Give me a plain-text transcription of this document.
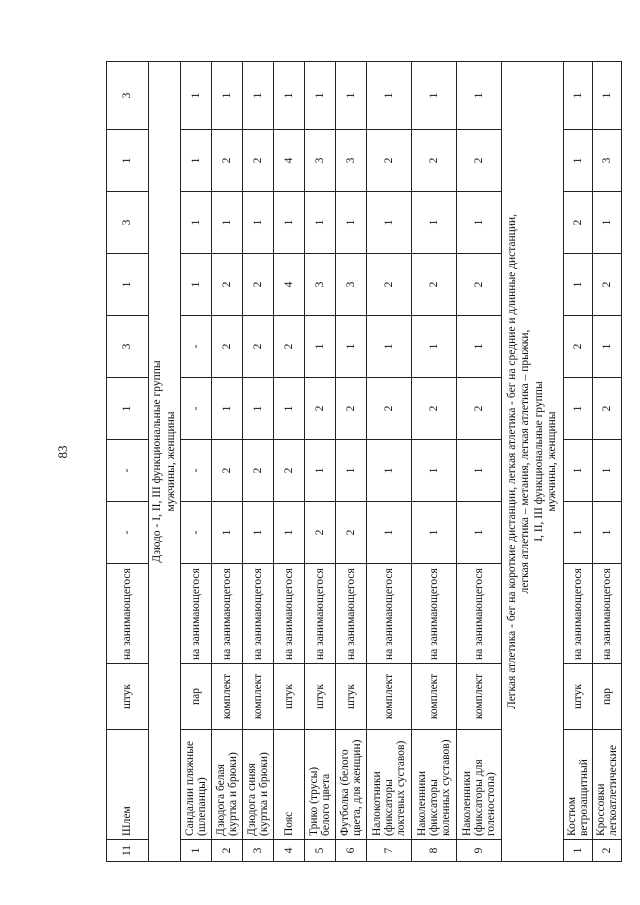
83
11	Шлем	штук	на занимающегося	-	-	1	3	1	3	1	3

Дзюдо - I, II, III функциональные группы мужчины, женщины											

1	Сандалии пляжные (шлепанцы)	пар	на занимающегося	-	-	-	-	1	1	1	1
2	Дзюдога белая (куртка и брюки)	комплект	на занимающегося	1	2	1	2	2	1	2	1
3	Дзюдога синяя (куртка и брюки)	комплект	на занимающегося	1	2	1	2	2	1	2	1
4	Пояс	штук	на занимающегося	1	2	1	2	4	1	4	1
5	Трико (трусы) белого цвета	штук	на занимающегося	2	1	2	1	3	1	3	1
6	Футболка (белого цвета, для женщин)	штук	на занимающегося	2	1	2	1	3	1	3	1
7	Налокотники (фиксаторы локтевых суставов)	комплект	на занимающегося	1	1	2	1	2	1	2	1
8	Наколенники (фиксаторы коленных суставов)	комплект	на занимающегося	1	1	2	1	2	1	2	1
9	Наколенники (фиксаторы для голеностопа)	комплект	на занимающегося	1	1	2	1	2	1	2	1

Легкая атлетика - бег на короткие дистанции, легкая атлетика - бег на средние и длинные дистанции, легкая атлетика – метания, легкая атлетика – прыжки, I, II, III функциональные группы мужчины, женщины											

1	Костюм ветрозащитный	штук	на занимающегося	1	1	1	2	1	2	1	1
2	Кроссовки легкоатлетические	пар	на занимающегося	1	1	2	1	2	1	3	1
